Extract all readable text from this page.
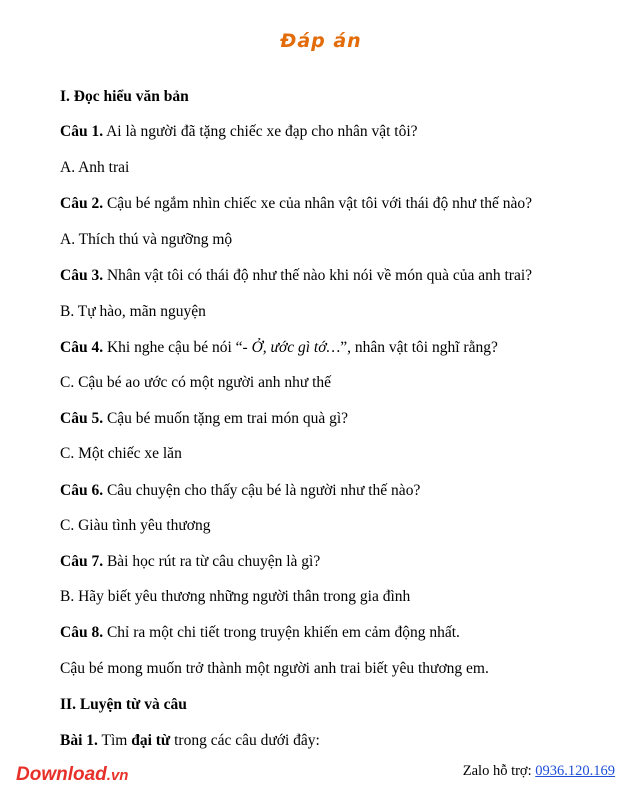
Đáp án
I. Đọc hiểu văn bản
Câu 1. Ai là người đã tặng chiếc xe đạp cho nhân vật tôi?
A. Anh trai
Câu 2. Cậu bé ngắm nhìn chiếc xe của nhân vật tôi với thái độ như thế nào?
A. Thích thú và ngưỡng mộ
Câu 3. Nhân vật tôi có thái độ như thế nào khi nói về món quà của anh trai?
B. Tự hào, mãn nguyện
Câu 4. Khi nghe cậu bé nói “- Ở, ước gì tớ…”, nhân vật tôi nghĩ rằng?
C. Cậu bé ao ước có một người anh như thế
Câu 5. Cậu bé muốn tặng em trai món quà gì?
C. Một chiếc xe lăn
Câu 6. Câu chuyện cho thấy cậu bé là người như thế nào?
C. Giàu tình yêu thương
Câu 7. Bài học rút ra từ câu chuyện là gì?
B. Hãy biết yêu thương những người thân trong gia đình
Câu 8. Chỉ ra một chi tiết trong truyện khiến em cảm động nhất.
Cậu bé mong muốn trở thành một người anh trai biết yêu thương em.
II. Luyện từ và câu
Bài 1. Tìm đại từ trong các câu dưới đây:
Download.vn	Zalo hỗ trợ: 0936.120.169
